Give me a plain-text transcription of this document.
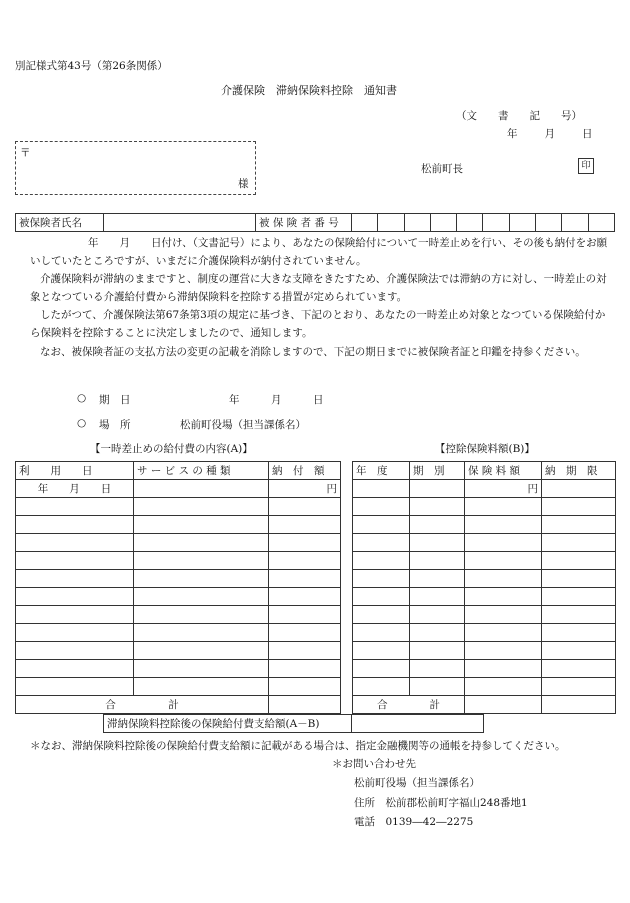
別記様式第43号（第26条関係）
介護保険　滞納保険料控除　通知書
（文　　書　　記　　号）
年　　月　　日
〒
様
松前町長	印
被保険者氏名		被 保 険 者 番 号										
年　　月　　日付け、（文書記号）により、あなたの保険給付について一時差止めを行い、その後も納付をお願いしていたところですが、いまだに介護保険料が納付されていません。
介護保険料が滞納のままですと、制度の運営に大きな支障をきたすため、介護保険法では滞納の方に対し、一時差止の対象となつている介護給付費から滞納保険料を控除する措置が定められています。
したがつて、介護保険法第67条第3項の規定に基づき、下記のとおり、あなたの一時差止め対象となつている保険給付から保険料を控除することに決定しましたので、通知します。
なお、被保険者証の支払方法の変更の記載を消除しますので、下記の期日までに被保険者証と印鑑を持参ください。
○ 期　日	年　　　月　　　日
○ 場　所	松前町役場（担当課係名）
【一時差止めの給付費の内容(A)】	【控除保険料額(B)】
利　　用　　日	サ ー ビ ス の 種 類	納　付　額
年　　月　　日		円

合　　　　　計		
年　度	期　別	保 険 料 額	納　期　限
		円	

合　　　　計			
滞納保険料控除後の保険給付費支給額(A－B)	
＊なお、滞納保険料控除後の保険給付費支給額に記載がある場合は、指定金融機関等の通帳を持参してください。
＊お問い合わせ先
松前町役場（担当課係名）
住所　松前郡松前町字福山248番地1
電話　0139―42―2275
